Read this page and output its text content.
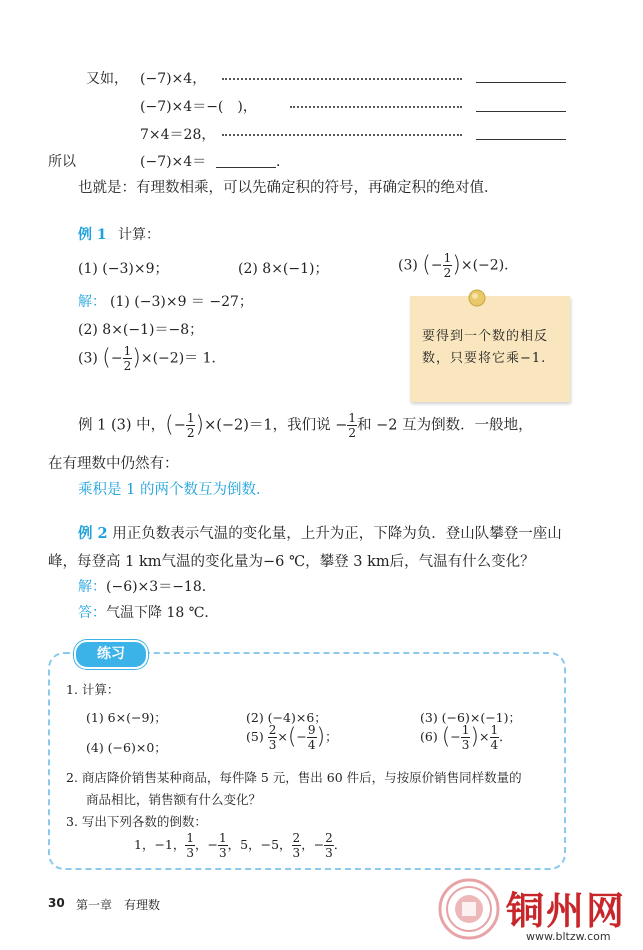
又如， (−7)×4，
(−7)×4＝−(　)，
7×4＝28，
所以	(−7)×4＝	．
也就是：有理数相乘，可以先确定积的符号，再确定积的绝对值．
例 1 计算：
(1) (−3)×9；	(2) 8×(−1)；	(3) (− $\frac{1}{2} )\times(-2)$．
解： (1) (−3)×9 ＝ −27；
(2) 8×(−1)＝−8；
(3) (− $\frac{1}{2} )\times(-2)= 1$．
要得到一个数的相反数，只要将它乘−1.
例 1 (3) 中，(− $\frac{1}{2} )\times(-2)=1$，我们说 − $\frac{1}{2}$ 和 −2 互为倒数．一般地，
在有理数中仍然有：
乘积是 1 的两个数互为倒数．
例 2 用正负数表示气温的变化量，上升为正，下降为负．登山队攀登一座山
峰，每登高 1 km气温的变化量为−6 ℃，攀登 3 km后，气温有什么变化？
解：(−6)×3＝−18．
答：气温下降 18 ℃．
练习
1. 计算：
(1) 6×(−9)；	(2) (−4)×6；	(3) (−6)×(−1)；
(4) (−6)×0；
$(5) \frac{2}{3}$ ×(− $\frac{9}{4}$ )；	(6) (− $\frac{1}{3}$ )× $\frac{1}{4}$ ．
2. 商店降价销售某种商品，每件降 5 元，售出 60 件后，与按原价销售同样数量的
商品相比，销售额有什么变化？
3. 写出下列各数的倒数：
1，−1， $\frac{1}{3}$ ，− $\frac{1}{3}$ ，5，−5， $\frac{2}{3}$ ，− $\frac{2}{3}$ ．
30 第一章　有理数	铜州网
www.bltzw.com
